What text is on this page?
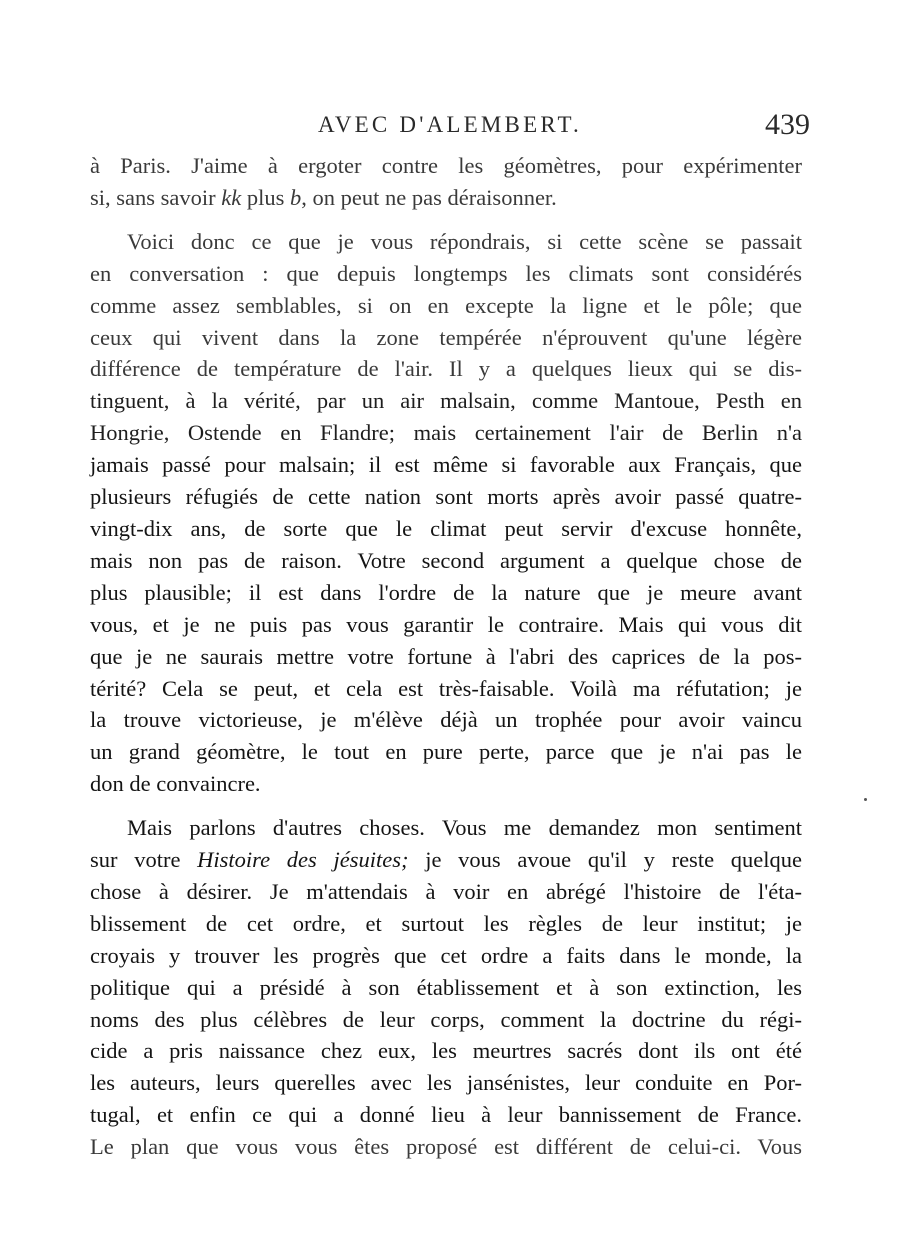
AVEC D'ALEMBERT.	439

à Paris. J'aime à ergoter contre les géomètres, pour expérimenter
si, sans savoir kk plus b, on peut ne pas déraisonner.

Voici donc ce que je vous répondrais, si cette scène se passait
en conversation : que depuis longtemps les climats sont considérés
comme assez semblables, si on en excepte la ligne et le pôle; que
ceux qui vivent dans la zone tempérée n'éprouvent qu'une légère
différence de température de l'air. Il y a quelques lieux qui se dis-
tinguent, à la vérité, par un air malsain, comme Mantoue, Pesth en
Hongrie, Ostende en Flandre; mais certainement l'air de Berlin n'a
jamais passé pour malsain; il est même si favorable aux Français, que
plusieurs réfugiés de cette nation sont morts après avoir passé quatre-
vingt-dix ans, de sorte que le climat peut servir d'excuse honnête,
mais non pas de raison. Votre second argument a quelque chose de
plus plausible; il est dans l'ordre de la nature que je meure avant
vous, et je ne puis pas vous garantir le contraire. Mais qui vous dit
que je ne saurais mettre votre fortune à l'abri des caprices de la pos-
térité? Cela se peut, et cela est très-faisable. Voilà ma réfutation; je
la trouve victorieuse, je m'élève déjà un trophée pour avoir vaincu
un grand géomètre, le tout en pure perte, parce que je n'ai pas le
don de convaincre.

Mais parlons d'autres choses. Vous me demandez mon sentiment
sur votre Histoire des jésuites; je vous avoue qu'il y reste quelque
chose à désirer. Je m'attendais à voir en abrégé l'histoire de l'éta-
blissement de cet ordre, et surtout les règles de leur institut; je
croyais y trouver les progrès que cet ordre a faits dans le monde, la
politique qui a présidé à son établissement et à son extinction, les
noms des plus célèbres de leur corps, comment la doctrine du régi-
cide a pris naissance chez eux, les meurtres sacrés dont ils ont été
les auteurs, leurs querelles avec les jansénistes, leur conduite en Por-
tugal, et enfin ce qui a donné lieu à leur bannissement de France.
Le plan que vous vous êtes proposé est différent de celui-ci. Vous
